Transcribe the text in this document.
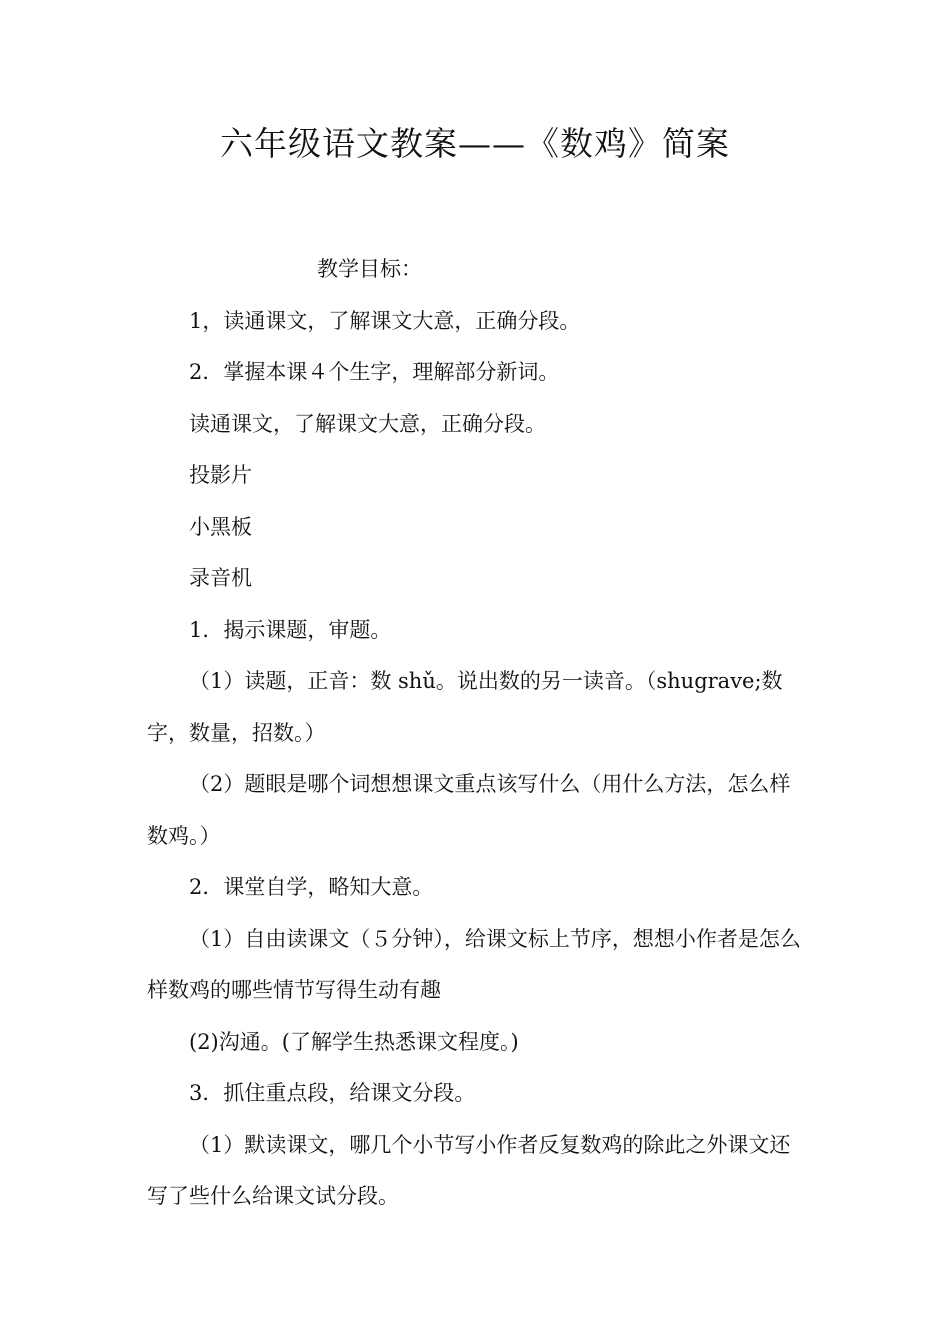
六年级语文教案——《数鸡》简案

教学目标：

1，读通课文，了解课文大意，正确分段。

2．掌握本课４个生字，理解部分新词。

读通课文，了解课文大意，正确分段。

投影片

小黑板

录音机

1．揭示课题，审题。

（1）读题，正音：数 shǔ。说出数的另一读音。（shugrave;数字，数量，招数。）

（2）题眼是哪个词想想课文重点该写什么（用什么方法，怎么样数鸡。）

2．课堂自学，略知大意。

（1）自由读课文（５分钟），给课文标上节序，想想小作者是怎么样数鸡的哪些情节写得生动有趣

(2)沟通。(了解学生热悉课文程度。)

3．抓住重点段，给课文分段。

（1）默读课文，哪几个小节写小作者反复数鸡的除此之外课文还写了些什么给课文试分段。
